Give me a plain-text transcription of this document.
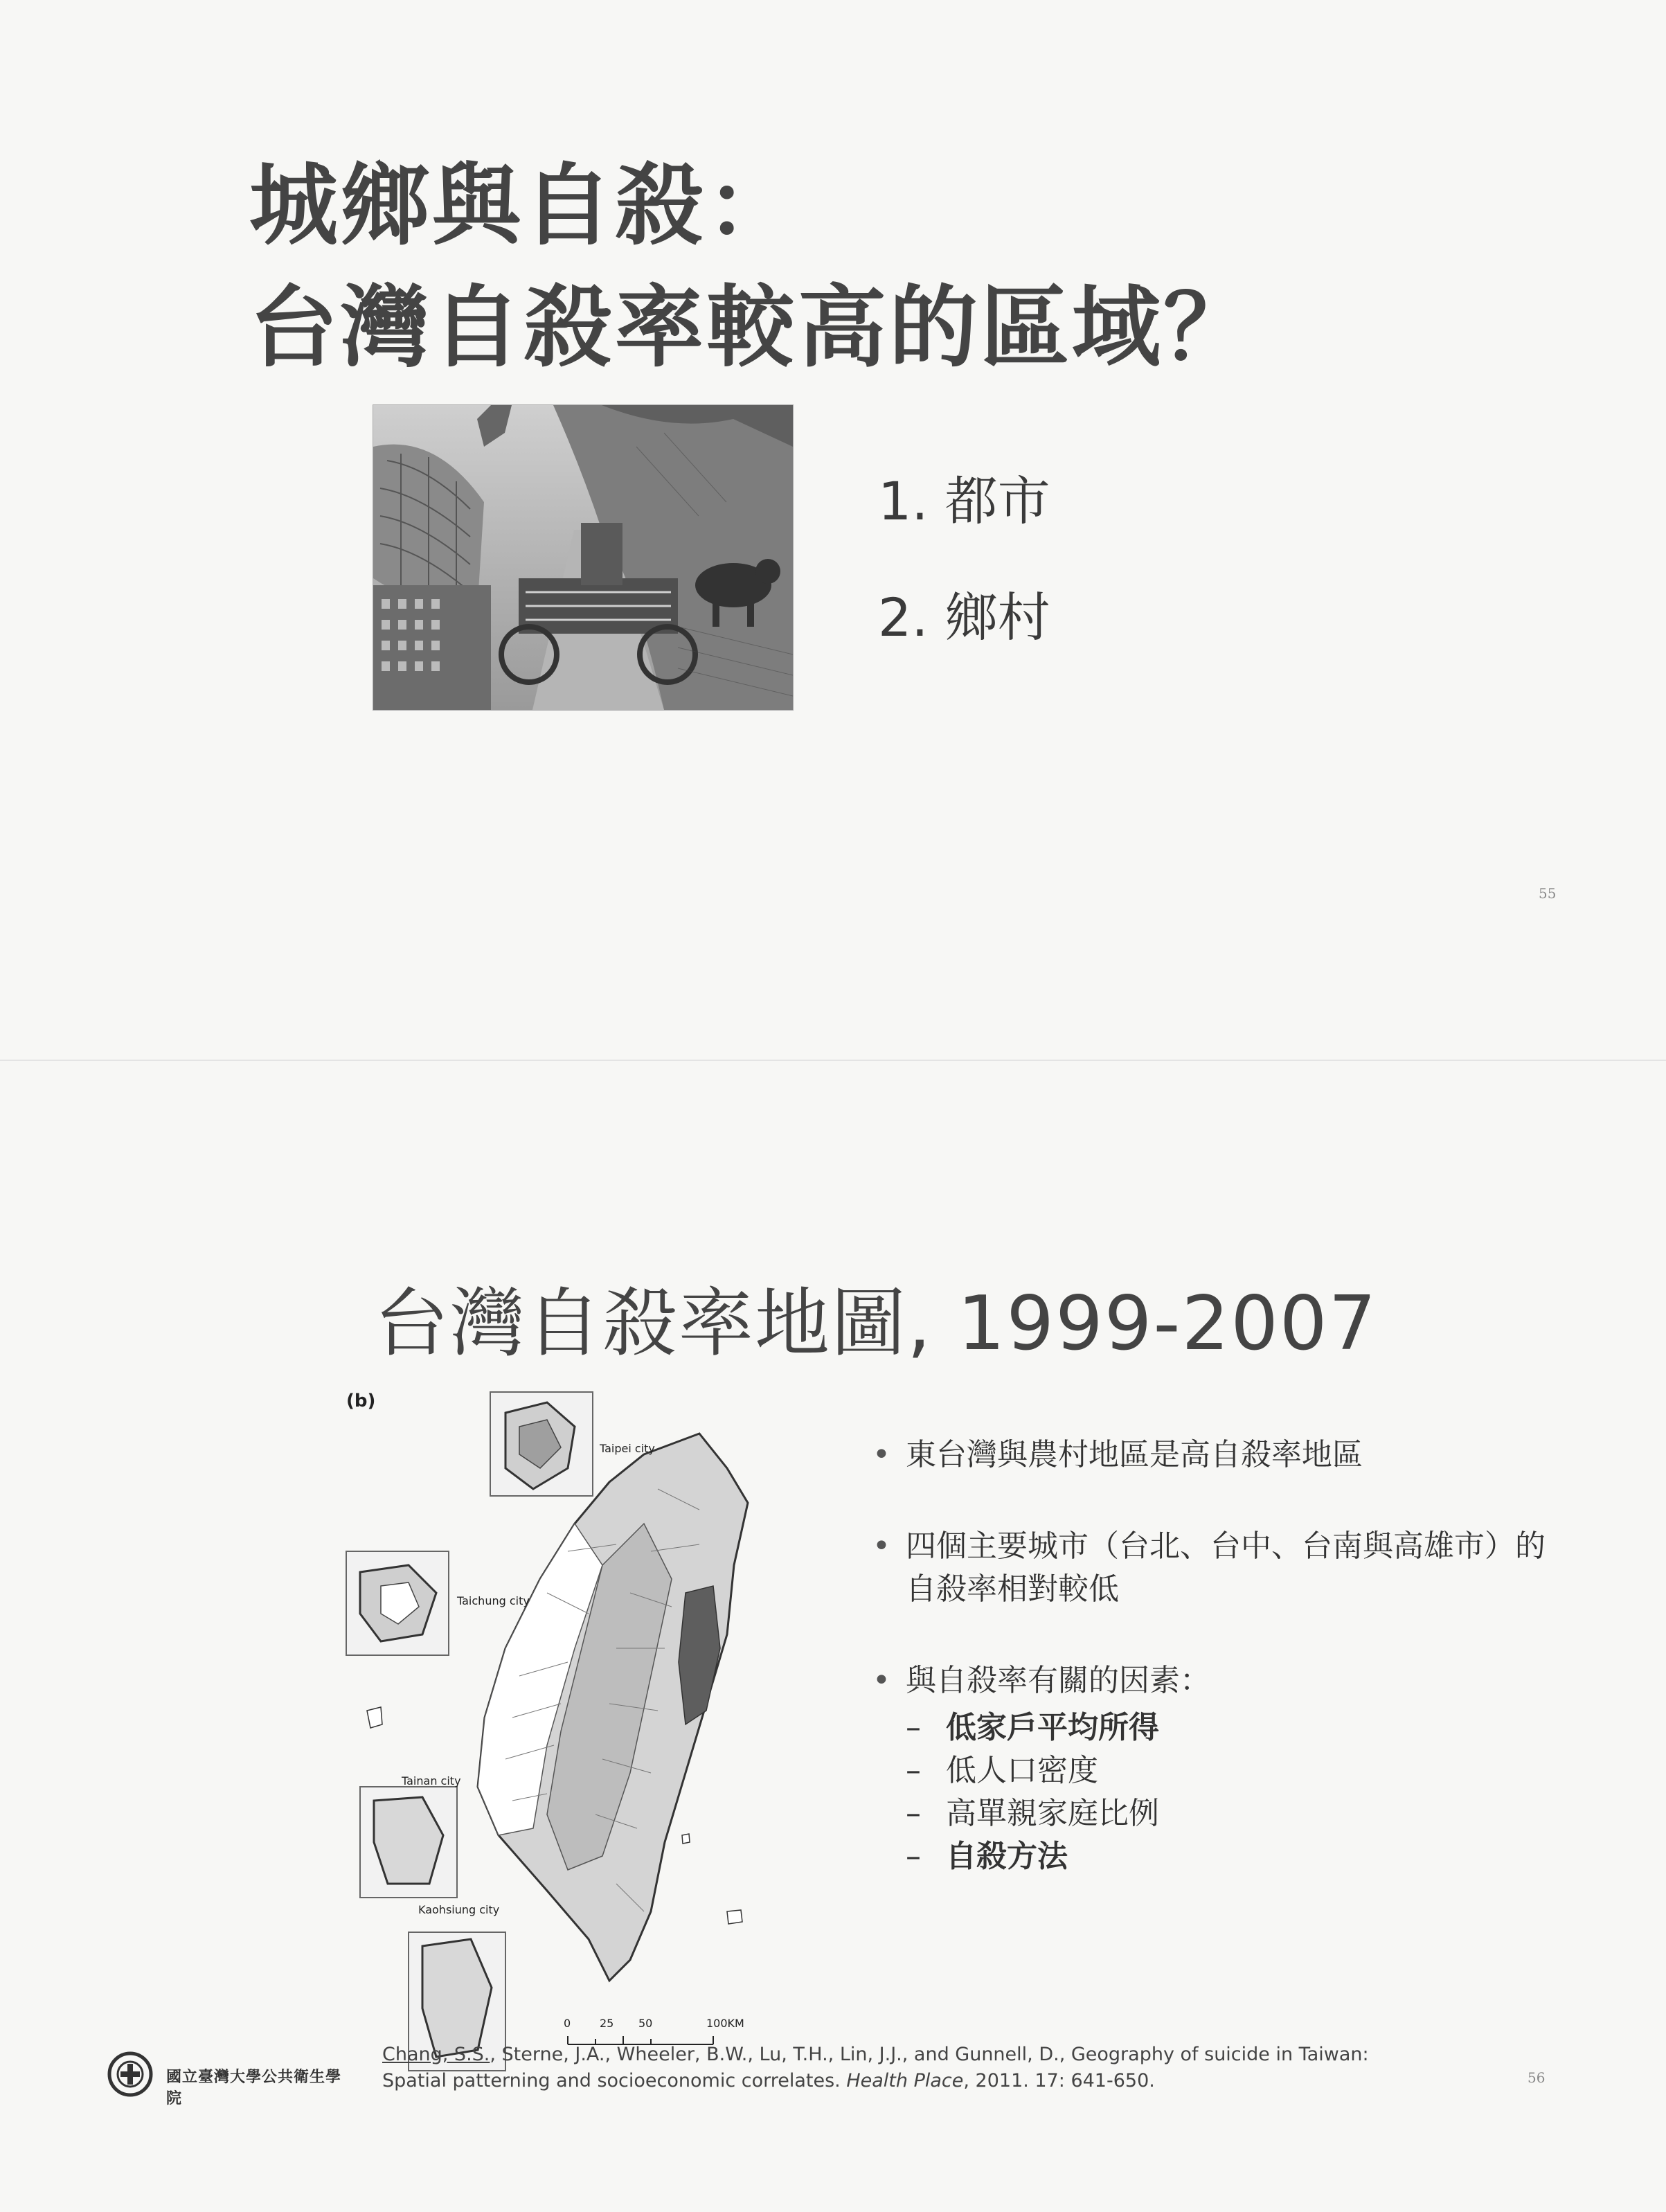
城鄉與自殺：
台灣自殺率較高的區域？
1. 都市
2. 鄉村
55
台灣自殺率地圖, 1999-2007
(b)
Taipei city
Taichung city
Tainan city
Kaohsiung city
0	25 50	100KM
• 東台灣與農村地區是高自殺率地區
• 四個主要城市（台北、台中、台南與高雄市）的自殺率相對較低
• 與自殺率有關的因素：
– 低家戶平均所得
– 低人口密度
– 高單親家庭比例
– 自殺方法
國立臺灣大學公共衛生學院
Chang, S.S., Sterne, J.A., Wheeler, B.W., Lu, T.H., Lin, J.J., and Gunnell, D., Geography of suicide in Taiwan: Spatial patterning and socioeconomic correlates. Health Place, 2011. 17: 641-650.	56
